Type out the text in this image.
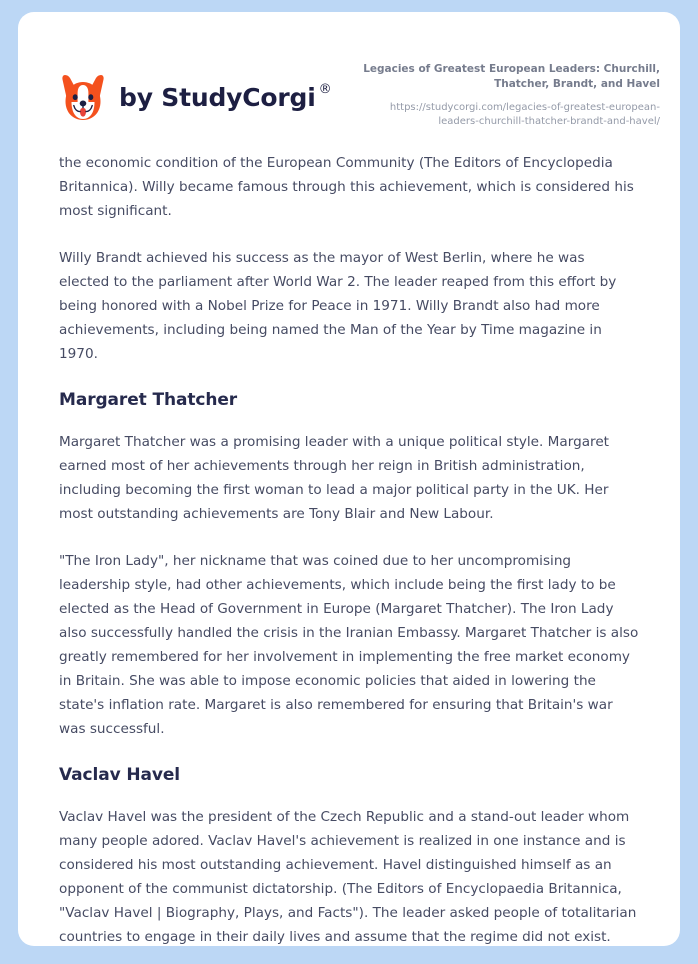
by StudyCorgi ®

Legacies of Greatest European Leaders: Churchill, Thatcher, Brandt, and Havel

https://studycorgi.com/legacies-of-greatest-european-leaders-churchill-thatcher-brandt-and-havel/

the economic condition of the European Community (The Editors of Encyclopedia Britannica). Willy became famous through this achievement, which is considered his most significant.

Willy Brandt achieved his success as the mayor of West Berlin, where he was elected to the parliament after World War 2. The leader reaped from this effort by being honored with a Nobel Prize for Peace in 1971. Willy Brandt also had more achievements, including being named the Man of the Year by Time magazine in 1970.

Margaret Thatcher

Margaret Thatcher was a promising leader with a unique political style. Margaret earned most of her achievements through her reign in British administration, including becoming the first woman to lead a major political party in the UK. Her most outstanding achievements are Tony Blair and New Labour.

"The Iron Lady", her nickname that was coined due to her uncompromising leadership style, had other achievements, which include being the first lady to be elected as the Head of Government in Europe (Margaret Thatcher). The Iron Lady also successfully handled the crisis in the Iranian Embassy. Margaret Thatcher is also greatly remembered for her involvement in implementing the free market economy in Britain. She was able to impose economic policies that aided in lowering the state's inflation rate. Margaret is also remembered for ensuring that Britain's war was successful.

Vaclav Havel

Vaclav Havel was the president of the Czech Republic and a stand-out leader whom many people adored. Vaclav Havel's achievement is realized in one instance and is considered his most outstanding achievement. Havel distinguished himself as an opponent of the communist dictatorship. (The Editors of Encyclopaedia Britannica, "Vaclav Havel | Biography, Plays, and Facts"). The leader asked people of totalitarian countries to engage in their daily lives and assume that the regime did not exist.
